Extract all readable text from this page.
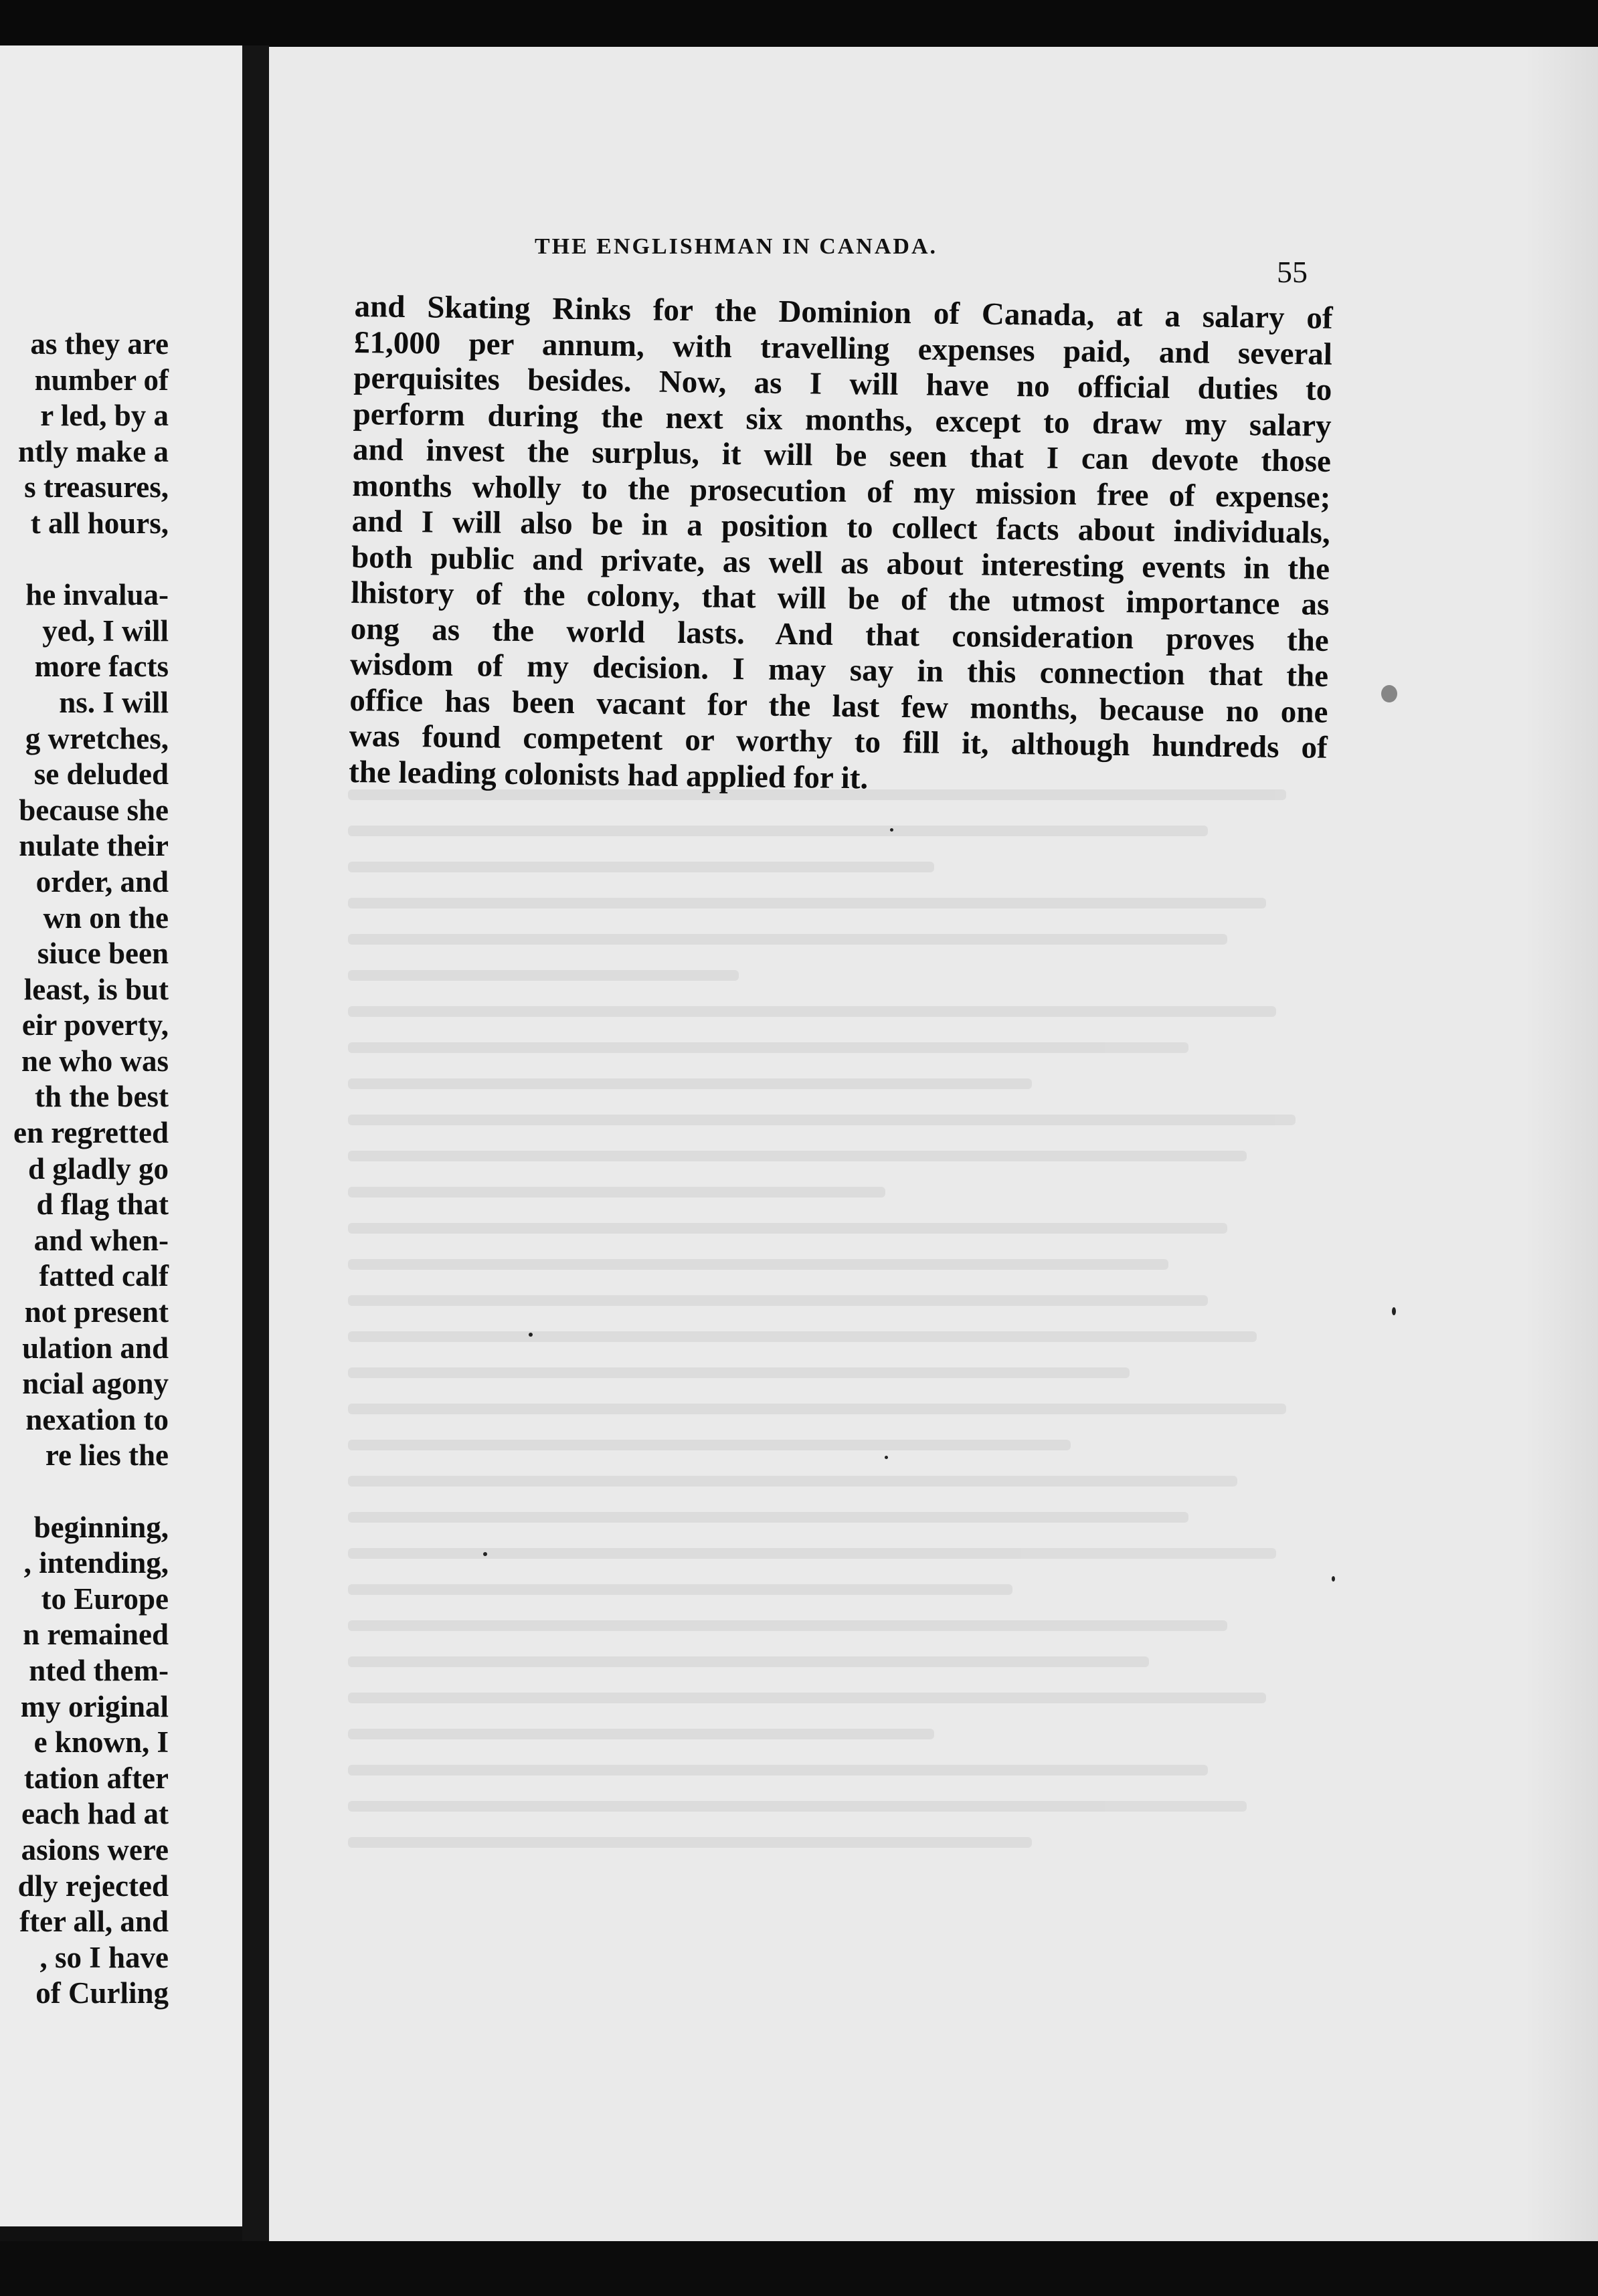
as they are
number of
r led, by a
ntly make a
s treasures,
t all hours,
he invalua-
yed, I will
more facts
ns. I will
g wretches,
se deluded
because she
nulate their
order, and
wn on the
siuce been
least, is but
eir poverty,
ne who was
th the best
en regretted
d gladly go
d flag that
and when-
fatted calf
not present
ulation and
ncial agony
nexation to
re lies the
beginning,
, intending,
to Europe
n remained
nted them-
my original
e known, I
tation after
each had at
asions were
dly rejected
fter all, and
, so I have
of Curling
THE ENGLISHMAN IN CANADA.
55
and Skating Rinks for the Dominion of Canada, at a salary of
£1,000 per annum, with travelling expenses paid, and several
perquisites besides. Now, as I will have no official duties to
perform during the next six months, except to draw my salary
and invest the surplus, it will be seen that I can devote those
months wholly to the prosecution of my mission free of expense;
and I will also be in a position to collect facts about individuals,
both public and private, as well as about interesting events in the
lhistory of the colony, that will be of the utmost importance as
ong as the world lasts. And that consideration proves the
wisdom of my decision. I may say in this connection that the
office has been vacant for the last few months, because no one
was found competent or worthy to fill it, although hundreds of
the leading colonists had applied for it.
